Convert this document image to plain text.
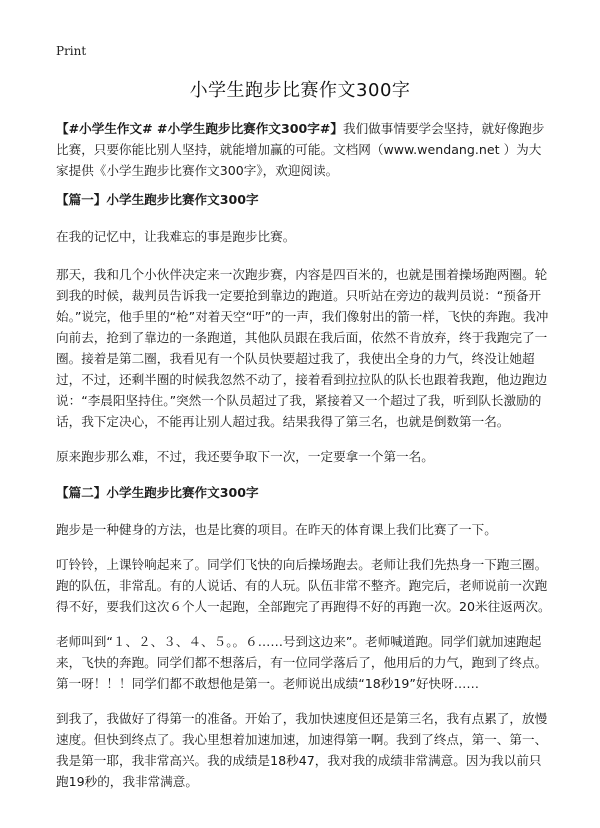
Print
小学生跑步比赛作文300字

【#小学生作文# #小学生跑步比赛作文300字#】我们做事情要学会坚持，就好像跑步比赛，只要你能比别人坚持，就能增加赢的可能。文档网（www.wendang.net ）为大家提供《小学生跑步比赛作文300字》，欢迎阅读。

【篇一】小学生跑步比赛作文300字

在我的记忆中，让我难忘的事是跑步比赛。

那天，我和几个小伙伴决定来一次跑步赛，内容是四百米的，也就是围着操场跑两圈。轮到我的时候，裁判员告诉我一定要抢到靠边的跑道。只听站在旁边的裁判员说：“预备开始。”说完，他手里的“枪”对着天空“吁”的一声，我们像射出的箭一样，飞快的奔跑。我冲向前去，抢到了靠边的一条跑道，其他队员跟在我后面，依然不肯放弃，终于我跑完了一圈。接着是第二圈，我看见有一个队员快要超过我了，我使出全身的力气，终没让她超过，不过，还剩半圈的时候我忽然不动了，接着看到拉拉队的队长也跟着我跑，他边跑边说：“李晨阳坚持住。”突然一个队员超过了我，紧接着又一个超过了我，听到队长激励的话，我下定决心，不能再让别人超过我。结果我得了第三名，也就是倒数第一名。

原来跑步那么难，不过，我还要争取下一次，一定要拿一个第一名。

【篇二】小学生跑步比赛作文300字

跑步是一种健身的方法，也是比赛的项目。在昨天的体育课上我们比赛了一下。

叮铃铃，上课铃响起来了。同学们飞快的向后操场跑去。老师让我们先热身一下跑三圈。跑的队伍，非常乱。有的人说话、有的人玩。队伍非常不整齐。跑完后，老师说前一次跑得不好，要我们这次６个人一起跑，全部跑完了再跑得不好的再跑一次。20米往返两次。

老师叫到“１、２、３、４、５。。６……号到这边来”。老师喊道跑。同学们就加速跑起来，飞快的奔跑。同学们都不想落后，有一位同学落后了，他用后的力气，跑到了终点。第一呀！！！同学们都不敢想他是第一。老师说出成绩“18秒19”好快呀……

到我了，我做好了得第一的准备。开始了，我加快速度但还是第三名，我有点累了，放慢速度。但快到终点了。我心里想着加速加速，加速得第一啊。我到了终点，第一、第一、我是第一耶，我非常高兴。我的成绩是18秒47，我对我的成绩非常满意。因为我以前只跑19秒的，我非常满意。
